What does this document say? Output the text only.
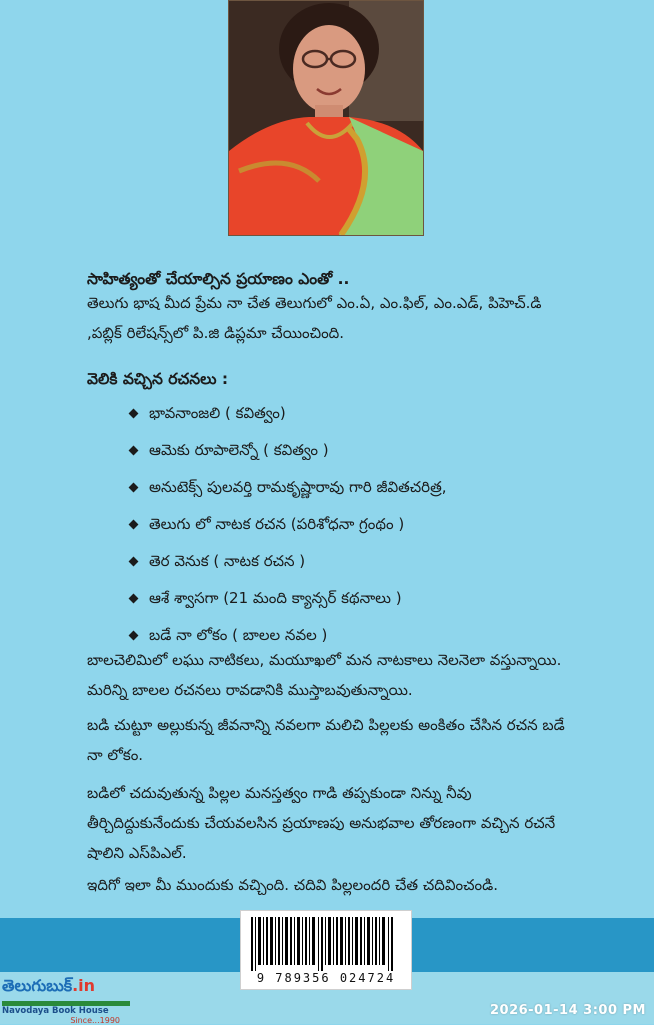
సాహిత్యంతో చేయాల్సిన ప్రయాణం ఎంతో ..
తెలుగు భాష మీద ప్రేమ నా చేత తెలుగులో ఎం.ఏ, ఎం.ఫిల్, ఎం.ఎడ్, పిహెచ్.డి ,పబ్లిక్ రిలేషన్స్‌లో పి.జి డిప్లమా చేయించింది.
వెలికి వచ్చిన రచనలు :
భావనాంజలి ( కవిత్వం)
ఆమెకు రూపాలెన్నో ( కవిత్వం )
అనుటెక్స్ పులవర్తి రామకృష్ణారావు గారి జీవితచరిత్ర,
తెలుగు లో నాటక రచన (పరిశోధనా గ్రంథం )
తెర వెనుక ( నాటక రచన )
ఆశే శ్వాసగా (21 మంది క్యాన్సర్ కథనాలు )
బడే నా లోకం ( బాలల నవల )
బాలచెలిమిలో లఘు నాటికలు, మయూఖలో మన నాటకాలు నెలనెలా వస్తున్నాయి. మరిన్ని బాలల రచనలు రావడానికి ముస్తాబవుతున్నాయి.
బడి చుట్టూ అల్లుకున్న జీవనాన్ని నవలగా మలిచి పిల్లలకు అంకితం చేసిన రచన బడే నా లోకం.
బడిలో చదువుతున్న పిల్లల మనస్తత్వం గాడి తప్పకుండా నిన్ను నీవు తీర్చిదిద్దుకునేందుకు చేయవలసిన ప్రయాణపు అనుభవాల తోరణంగా వచ్చిన రచనే షాలిని ఎస్‌పిఎల్.
ఇదిగో ఇలా మీ ముందుకు వచ్చింది. చదివి పిల్లలందరి చేత చదివించండి.
9 789356 024724
తెలుగుబుక్.in
Navodaya Book House
Since...1990
2026-01-14 3:00 PM
